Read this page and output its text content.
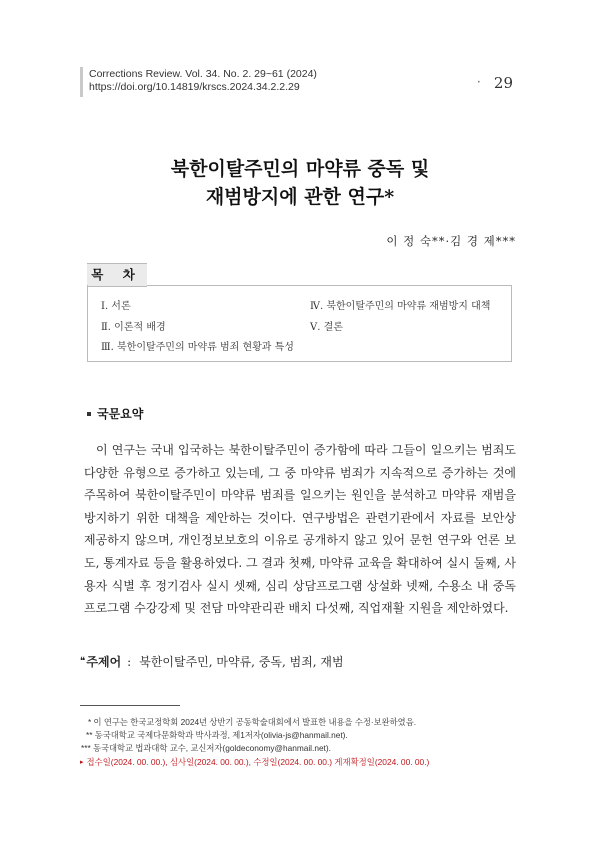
Corrections Review. Vol. 34. No. 2. 29~61 (2024)
https://doi.org/10.14819/krscs.2024.34.2.2.29	• 29
북한이탈주민의 마약류 중독 및
재범방지에 관한 연구*
이 정 숙**·김 경 제***
목 차
Ⅰ. 서론
Ⅱ. 이론적 배경
Ⅲ. 북한이탈주민의 마약류 범죄 현황과 특성
Ⅳ. 북한이탈주민의 마약류 재범방지 대책
Ⅴ. 결론
국문요약
이 연구는 국내 입국하는 북한이탈주민이 증가함에 따라 그들이 일으키는 범죄도 다양한 유형으로 증가하고 있는데, 그 중 마약류 범죄가 지속적으로 증가하는 것에 주목하여 북한이탈주민이 마약류 범죄를 일으키는 원인을 분석하고 마약류 재범을 방지하기 위한 대책을 제안하는 것이다. 연구방법은 관련기관에서 자료를 보안상 제공하지 않으며, 개인정보보호의 이유로 공개하지 않고 있어 문헌 연구와 언론 보도, 통계자료 등을 활용하였다. 그 결과 첫째, 마약류 교육을 확대하여 실시 둘째, 사용자 식별 후 정기검사 실시 셋째, 심리 상담프로그램 상설화 넷째, 수용소 내 중독프로그램 수강강제 및 전담 마약관리관 배치 다섯째, 직업재활 지원을 제안하였다.
❝ 주제어 : 북한이탈주민, 마약류, 중독, 범죄, 재범
* 이 연구는 한국교정학회 2024년 상반기 공동학술대회에서 발표한 내용을 수정·보완하였음.
** 동국대학교 국제다문화학과 박사과정, 제1저자(olivia-js@hanmail.net).
*** 동국대학교 법과대학 교수, 교신저자(goldeconomy@hanmail.net).
▸ 접수일(2024. 00. 00.), 심사일(2024. 00. 00.), 수정일(2024. 00. 00.) 게재확정일(2024. 00. 00.)
